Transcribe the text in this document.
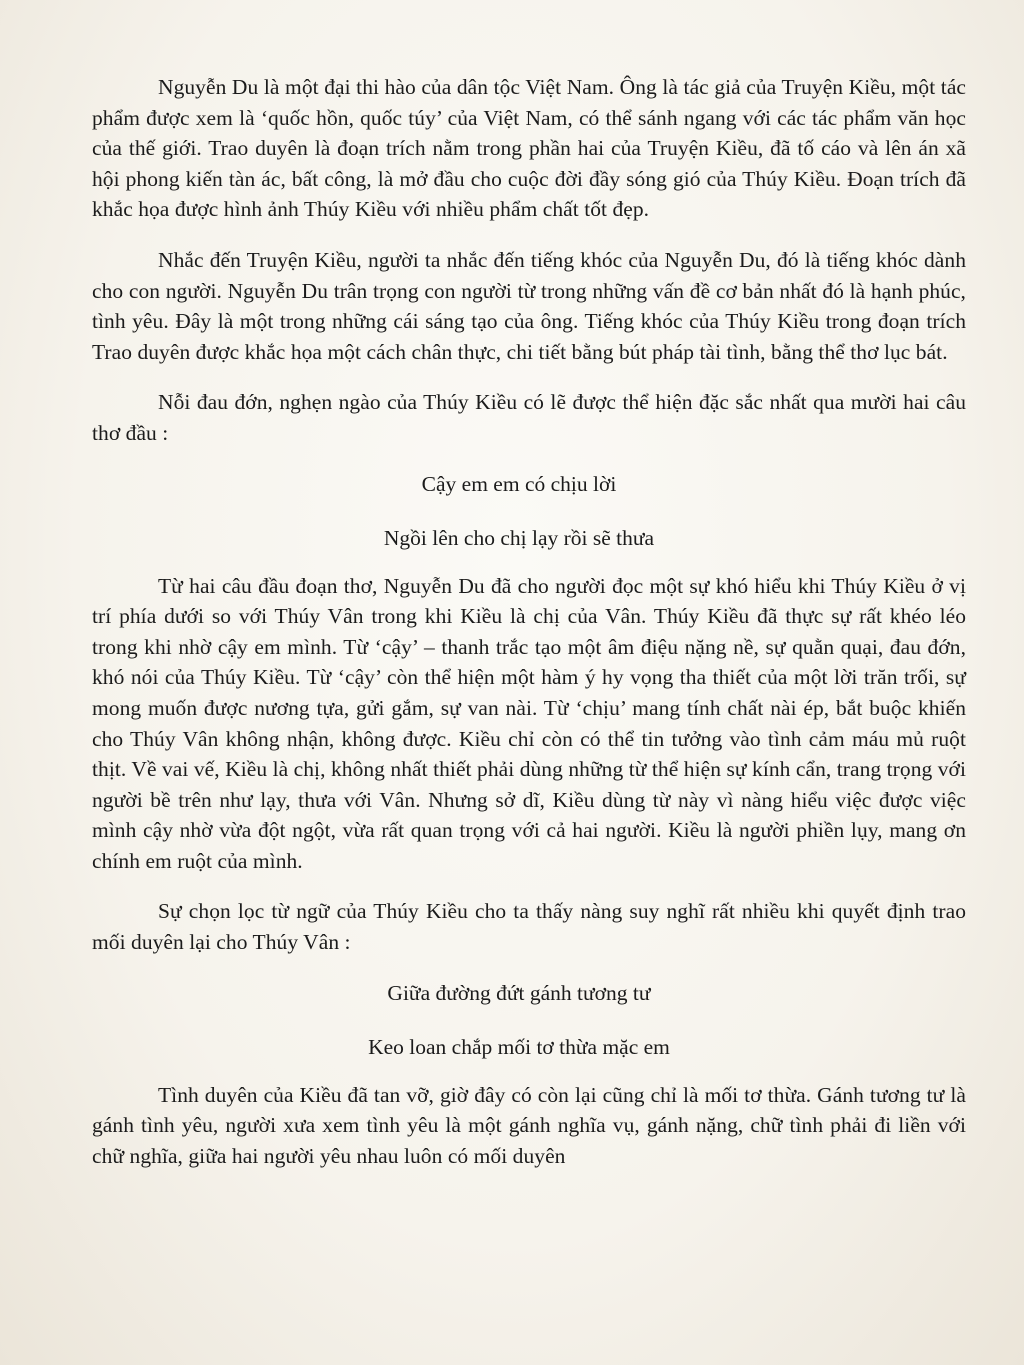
Nguyễn Du là một đại thi hào của dân tộc Việt Nam. Ông là tác giả của Truyện Kiều, một tác phẩm được xem là ‘quốc hồn, quốc túy’ của Việt Nam, có thể sánh ngang với các tác phẩm văn học của thế giới. Trao duyên là đoạn trích nằm trong phần hai của Truyện Kiều, đã tố cáo và lên án xã hội phong kiến tàn ác, bất công, là mở đầu cho cuộc đời đầy sóng gió của Thúy Kiều. Đoạn trích đã khắc họa được hình ảnh Thúy Kiều với nhiều phẩm chất tốt đẹp.

Nhắc đến Truyện Kiều, người ta nhắc đến tiếng khóc của Nguyễn Du, đó là tiếng khóc dành cho con người. Nguyễn Du trân trọng con người từ trong những vấn đề cơ bản nhất đó là hạnh phúc, tình yêu. Đây là một trong những cái sáng tạo của ông. Tiếng khóc của Thúy Kiều trong đoạn trích Trao duyên được khắc họa một cách chân thực, chi tiết bằng bút pháp tài tình, bằng thể thơ lục bát.

Nỗi đau đớn, nghẹn ngào của Thúy Kiều có lẽ được thể hiện đặc sắc nhất qua mười hai câu thơ đầu :

Cậy em em có chịu lời

Ngồi lên cho chị lạy rồi sẽ thưa

Từ hai câu đầu đoạn thơ, Nguyễn Du đã cho người đọc một sự khó hiểu khi Thúy Kiều ở vị trí phía dưới so với Thúy Vân trong khi Kiều là chị của Vân. Thúy Kiều đã thực sự rất khéo léo trong khi nhờ cậy em mình. Từ ‘cậy’ – thanh trắc tạo một âm điệu nặng nề, sự quằn quại, đau đớn, khó nói của Thúy Kiều. Từ ‘cậy’ còn thể hiện một hàm ý hy vọng tha thiết của một lời trăn trối, sự mong muốn được nương tựa, gửi gắm, sự van nài. Từ ‘chịu’ mang tính chất nài ép, bắt buộc khiến cho Thúy Vân không nhận, không được. Kiều chỉ còn có thể tin tưởng vào tình cảm máu mủ ruột thịt. Về vai vế, Kiều là chị, không nhất thiết phải dùng những từ thể hiện sự kính cẩn, trang trọng với người bề trên như lạy, thưa với Vân. Nhưng sở dĩ, Kiều dùng từ này vì nàng hiểu việc được việc mình cậy nhờ vừa đột ngột, vừa rất quan trọng với cả hai người. Kiều là người phiền lụy, mang ơn chính em ruột của mình.

Sự chọn lọc từ ngữ của Thúy Kiều cho ta thấy nàng suy nghĩ rất nhiều khi quyết định trao mối duyên lại cho Thúy Vân :

Giữa đường đứt gánh tương tư

Keo loan chắp mối tơ thừa mặc em

Tình duyên của Kiều đã tan vỡ, giờ đây có còn lại cũng chỉ là mối tơ thừa. Gánh tương tư là gánh tình yêu, người xưa xem tình yêu là một gánh nghĩa vụ, gánh nặng, chữ tình phải đi liền với chữ nghĩa, giữa hai người yêu nhau luôn có mối duyên
